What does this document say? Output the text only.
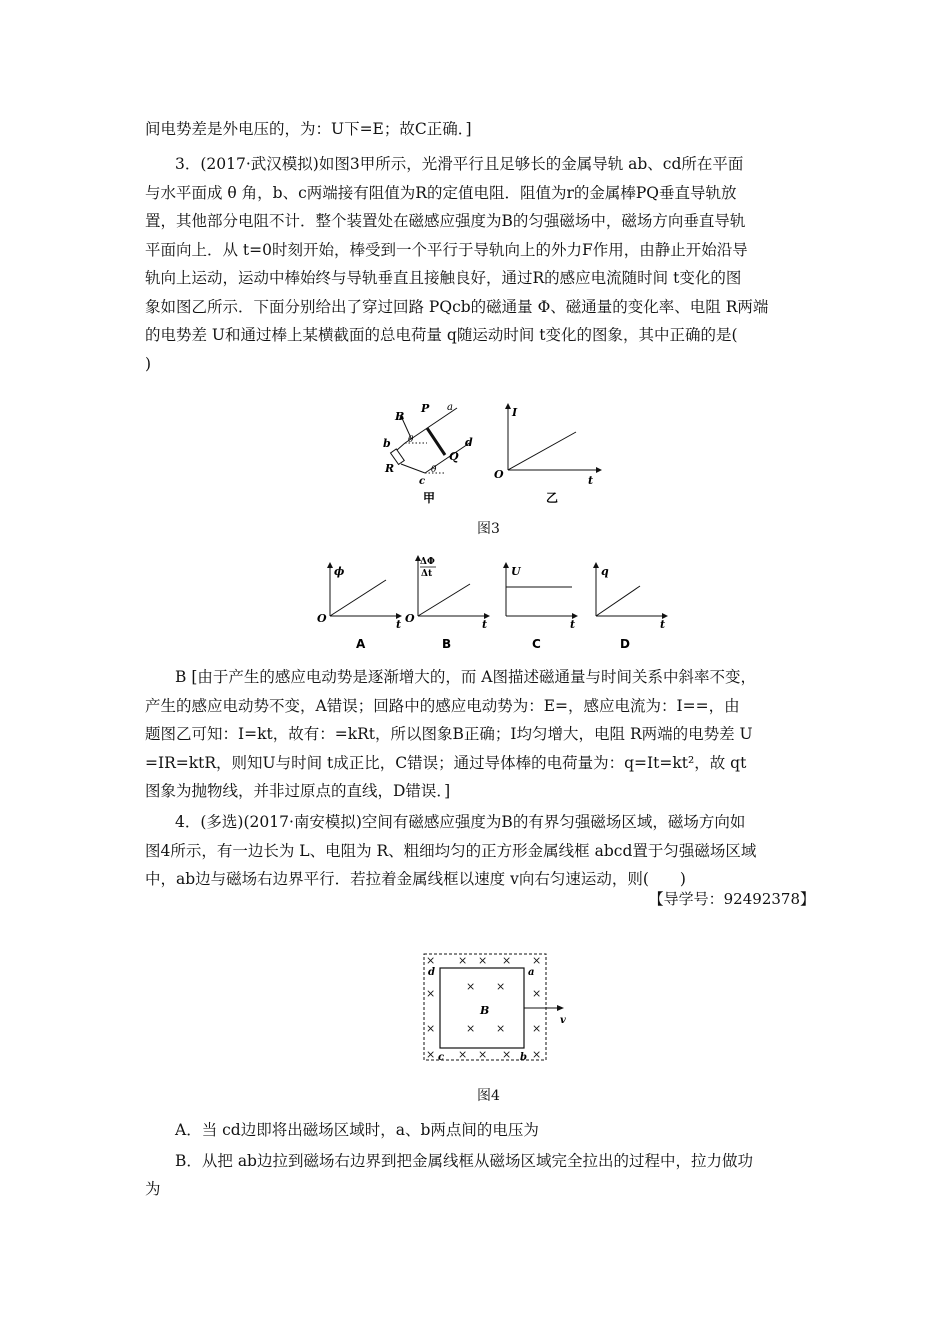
间电势差是外电压的，为：U下=E；故C正确．]
3．(2017·武汉模拟)如图3甲所示，光滑平行且足够长的金属导轨 ab、cd所在平面
与水平面成 θ 角，b、c两端接有阻值为R的定值电阻．阻值为r的金属棒PQ垂直导轨放
置，其他部分电阻不计．整个装置处在磁感应强度为B的匀强磁场中，磁场方向垂直导轨
平面向上．从 t=0时刻开始，棒受到一个平行于导轨向上的外力F作用，由静止开始沿导
轨向上运动，运动中棒始终与导轨垂直且接触良好，通过R的感应电流随时间 t变化的图
象如图乙所示．下面分别给出了穿过回路 PQcb的磁通量 Φ、磁通量的变化率、电阻 R两端
的电势差 U和通过棒上某横截面的总电荷量 q随运动时间 t变化的图象，其中正确的是(
)
B
P a
b θ	d
Q
R
c
θ
甲
I
O	t
乙
图3
ϕ
O	t
A
ΔΦ
Δt
O	t
B
U
t
C
q
t
D
B [由于产生的感应电动势是逐渐增大的，而 A图描述磁通量与时间关系中斜率不变，
产生的感应电动势不变，A错误；回路中的感应电动势为：E=，感应电流为：I==，由
题图乙可知：I=kt，故有：=kRt，所以图象B正确；I均匀增大，电阻 R两端的电势差 U
=IR=ktR，则知U与时间 t成正比，C错误；通过导体棒的电荷量为：q=It=kt²，故 qt
图象为抛物线，并非过原点的直线，D错误．]
4．(多选)(2017·南安模拟)空间有磁感应强度为B的有界匀强磁场区域，磁场方向如
图4所示，有一边长为 L、电阻为 R、粗细均匀的正方形金属线框 abcd置于匀强磁场区域
中，ab边与磁场右边界平行．若拉着金属线框以速度 v向右匀速运动，则(　　)
【导学号：92492378】
× × × × ×
×	×
× ×
×	×
× ×
× × × × ×
d	a
c	b
B
v
图4
A．当 cd边即将出磁场区域时，a、b两点间的电压为
B．从把 ab边拉到磁场右边界到把金属线框从磁场区域完全拉出的过程中，拉力做功
为
